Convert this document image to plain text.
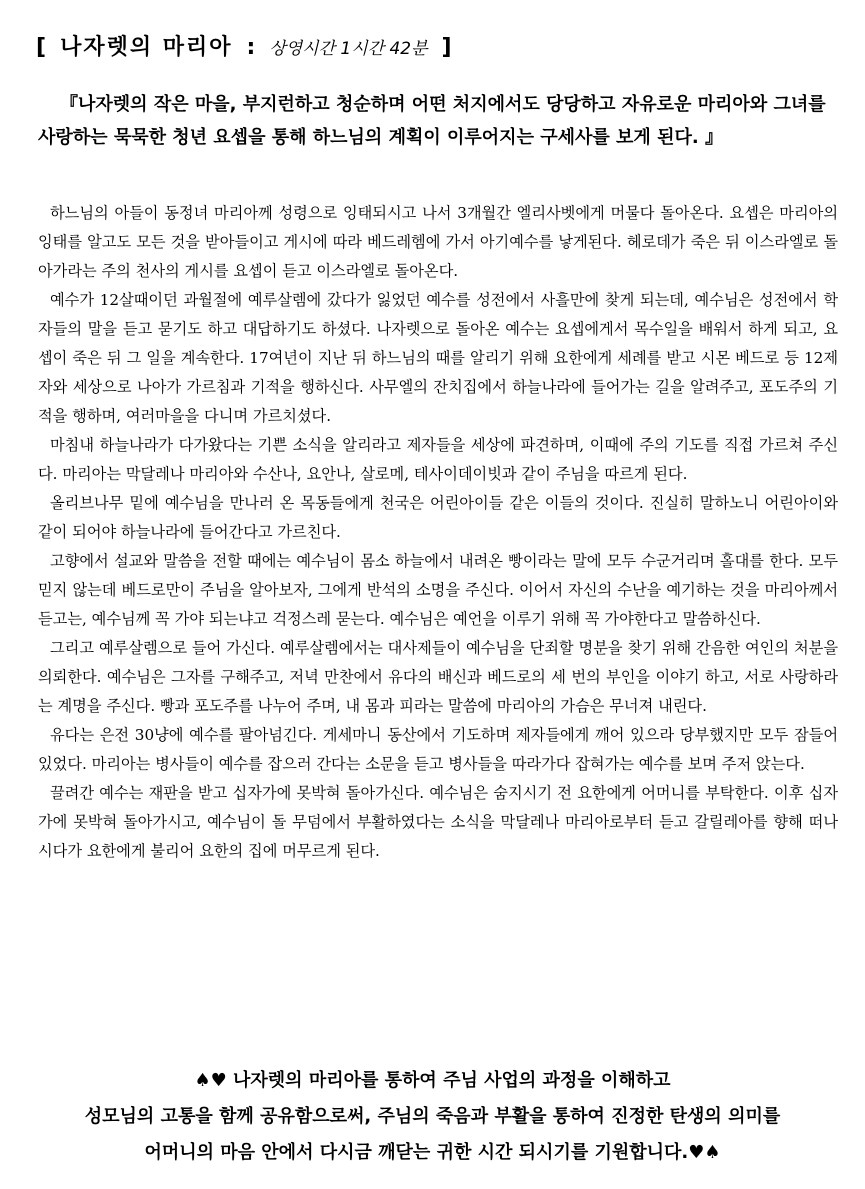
[ 나자렛의 마리아 : 상영시간 1시간 42분 ]
『나자렛의 작은 마을, 부지런하고 청순하며 어떤 처지에서도 당당하고 자유로운 마리아와 그녀를 사랑하는 묵묵한 청년 요셉을 통해 하느님의 계획이 이루어지는 구세사를 보게 된다. 』

하느님의 아들이 동정녀 마리아께 성령으로 잉태되시고 나서 3개월간 엘리사벳에게 머물다 돌아온다. 요셉은 마리아의 잉태를 알고도 모든 것을 받아들이고 게시에 따라 베드레헴에 가서 아기예수를 낳게된다. 헤로데가 죽은 뒤 이스라엘로 돌아가라는 주의 천사의 게시를 요셉이 듣고 이스라엘로 돌아온다.

예수가 12살때이던 과월절에 예루살렘에 갔다가 잃었던 예수를 성전에서 사흘만에 찾게 되는데, 예수님은 성전에서 학자들의 말을 듣고 묻기도 하고 대답하기도 하셨다. 나자렛으로 돌아온 예수는 요셉에게서 목수일을 배워서 하게 되고, 요셉이 죽은 뒤 그 일을 계속한다. 17여년이 지난 뒤 하느님의 때를 알리기 위해 요한에게 세례를 받고 시몬 베드로 등 12제자와 세상으로 나아가 가르침과 기적을 행하신다. 사무엘의 잔치집에서 하늘나라에 들어가는 길을 알려주고, 포도주의 기적을 행하며, 여러마을을 다니며 가르치셨다.

마침내 하늘나라가 다가왔다는 기쁜 소식을 알리라고 제자들을 세상에 파견하며, 이때에 주의 기도를 직접 가르쳐 주신다. 마리아는 막달레나 마리아와 수산나, 요안나, 살로메, 테사이데이빗과 같이 주님을 따르게 된다.

올리브나무 밑에 예수님을 만나러 온 목동들에게 천국은 어린아이들 같은 이들의 것이다. 진실히 말하노니 어린아이와 같이 되어야 하늘나라에 들어간다고 가르친다.

고향에서 설교와 말씀을 전할 때에는 예수님이 몸소 하늘에서 내려온 빵이라는 말에 모두 수군거리며 홀대를 한다. 모두 믿지 않는데 베드로만이 주님을 알아보자, 그에게 반석의 소명을 주신다. 이어서 자신의 수난을 예기하는 것을 마리아께서 듣고는, 예수님께 꼭 가야 되는냐고 걱정스레 묻는다. 예수님은 예언을 이루기 위해 꼭 가야한다고 말씀하신다.

그리고 예루살렘으로 들어 가신다. 예루살렘에서는 대사제들이 예수님을 단죄할 명분을 찾기 위해 간음한 여인의 처분을 의뢰한다. 예수님은 그자를 구해주고, 저녁 만찬에서 유다의 배신과 베드로의 세 번의 부인을 이야기 하고, 서로 사랑하라는 계명을 주신다. 빵과 포도주를 나누어 주며, 내 몸과 피라는 말씀에 마리아의 가슴은 무너져 내린다.

유다는 은전 30냥에 예수를 팔아넘긴다. 게세마니 동산에서 기도하며 제자들에게 깨어 있으라 당부했지만 모두 잠들어 있었다. 마리아는 병사들이 예수를 잡으러 간다는 소문을 듣고 병사들을 따라가다 잡혀가는 예수를 보며 주저 앉는다.

끌려간 예수는 재판을 받고 십자가에 못박혀 돌아가신다. 예수님은 숨지시기 전 요한에게 어머니를 부탁한다. 이후 십자가에 못박혀 돌아가시고, 예수님이 돌 무덤에서 부활하였다는 소식을 막달레나 마리아로부터 듣고 갈릴레아를 향해 떠나시다가 요한에게 불리어 요한의 집에 머무르게 된다.

♠♥ 나자렛의 마리아를 통하여 주님 사업의 과정을 이해하고
성모님의 고통을 함께 공유함으로써, 주님의 죽음과 부활을 통하여 진정한 탄생의 의미를
어머니의 마음 안에서 다시금 깨닫는 귀한 시간 되시기를 기원합니다.♥♠
